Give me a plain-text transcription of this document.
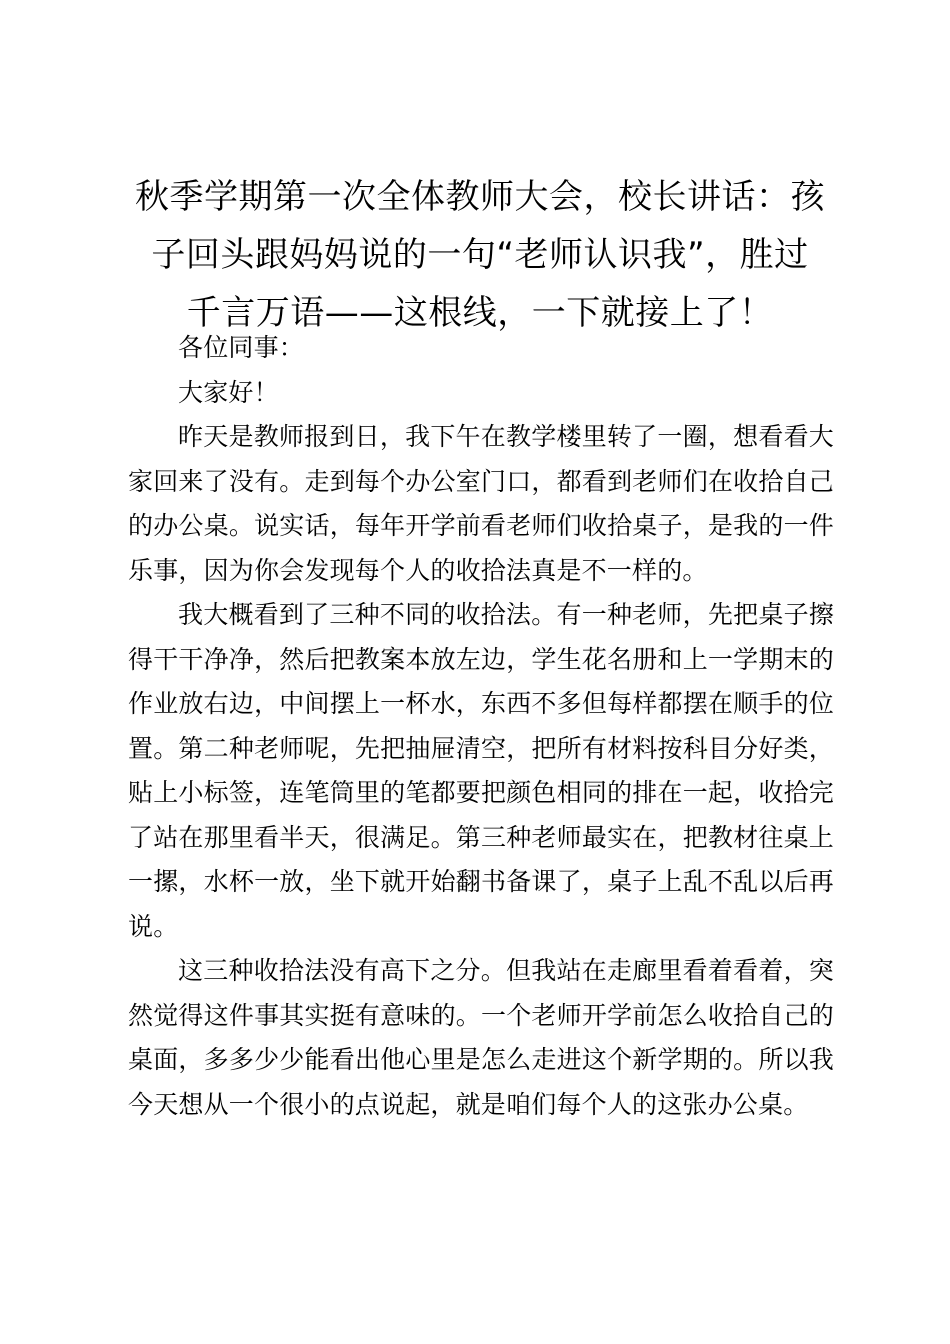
秋季学期第一次全体教师大会，校长讲话：孩
子回头跟妈妈说的一句“老师认识我”，胜过
千言万语——这根线，一下就接上了！

各位同事：

大家好！

昨天是教师报到日，我下午在教学楼里转了一圈，想看看大家回来了没有。走到每个办公室门口，都看到老师们在收拾自己的办公桌。说实话，每年开学前看老师们收拾桌子，是我的一件乐事，因为你会发现每个人的收拾法真是不一样的。

我大概看到了三种不同的收拾法。有一种老师，先把桌子擦得干干净净，然后把教案本放左边，学生花名册和上一学期末的作业放右边，中间摆上一杯水，东西不多但每样都摆在顺手的位置。第二种老师呢，先把抽屉清空，把所有材料按科目分好类，贴上小标签，连笔筒里的笔都要把颜色相同的排在一起，收拾完了站在那里看半天，很满足。第三种老师最实在，把教材往桌上一摞，水杯一放，坐下就开始翻书备课了，桌子上乱不乱以后再说。

这三种收拾法没有高下之分。但我站在走廊里看着看着，突然觉得这件事其实挺有意味的。一个老师开学前怎么收拾自己的桌面，多多少少能看出他心里是怎么走进这个新学期的。所以我今天想从一个很小的点说起，就是咱们每个人的这张办公桌。
